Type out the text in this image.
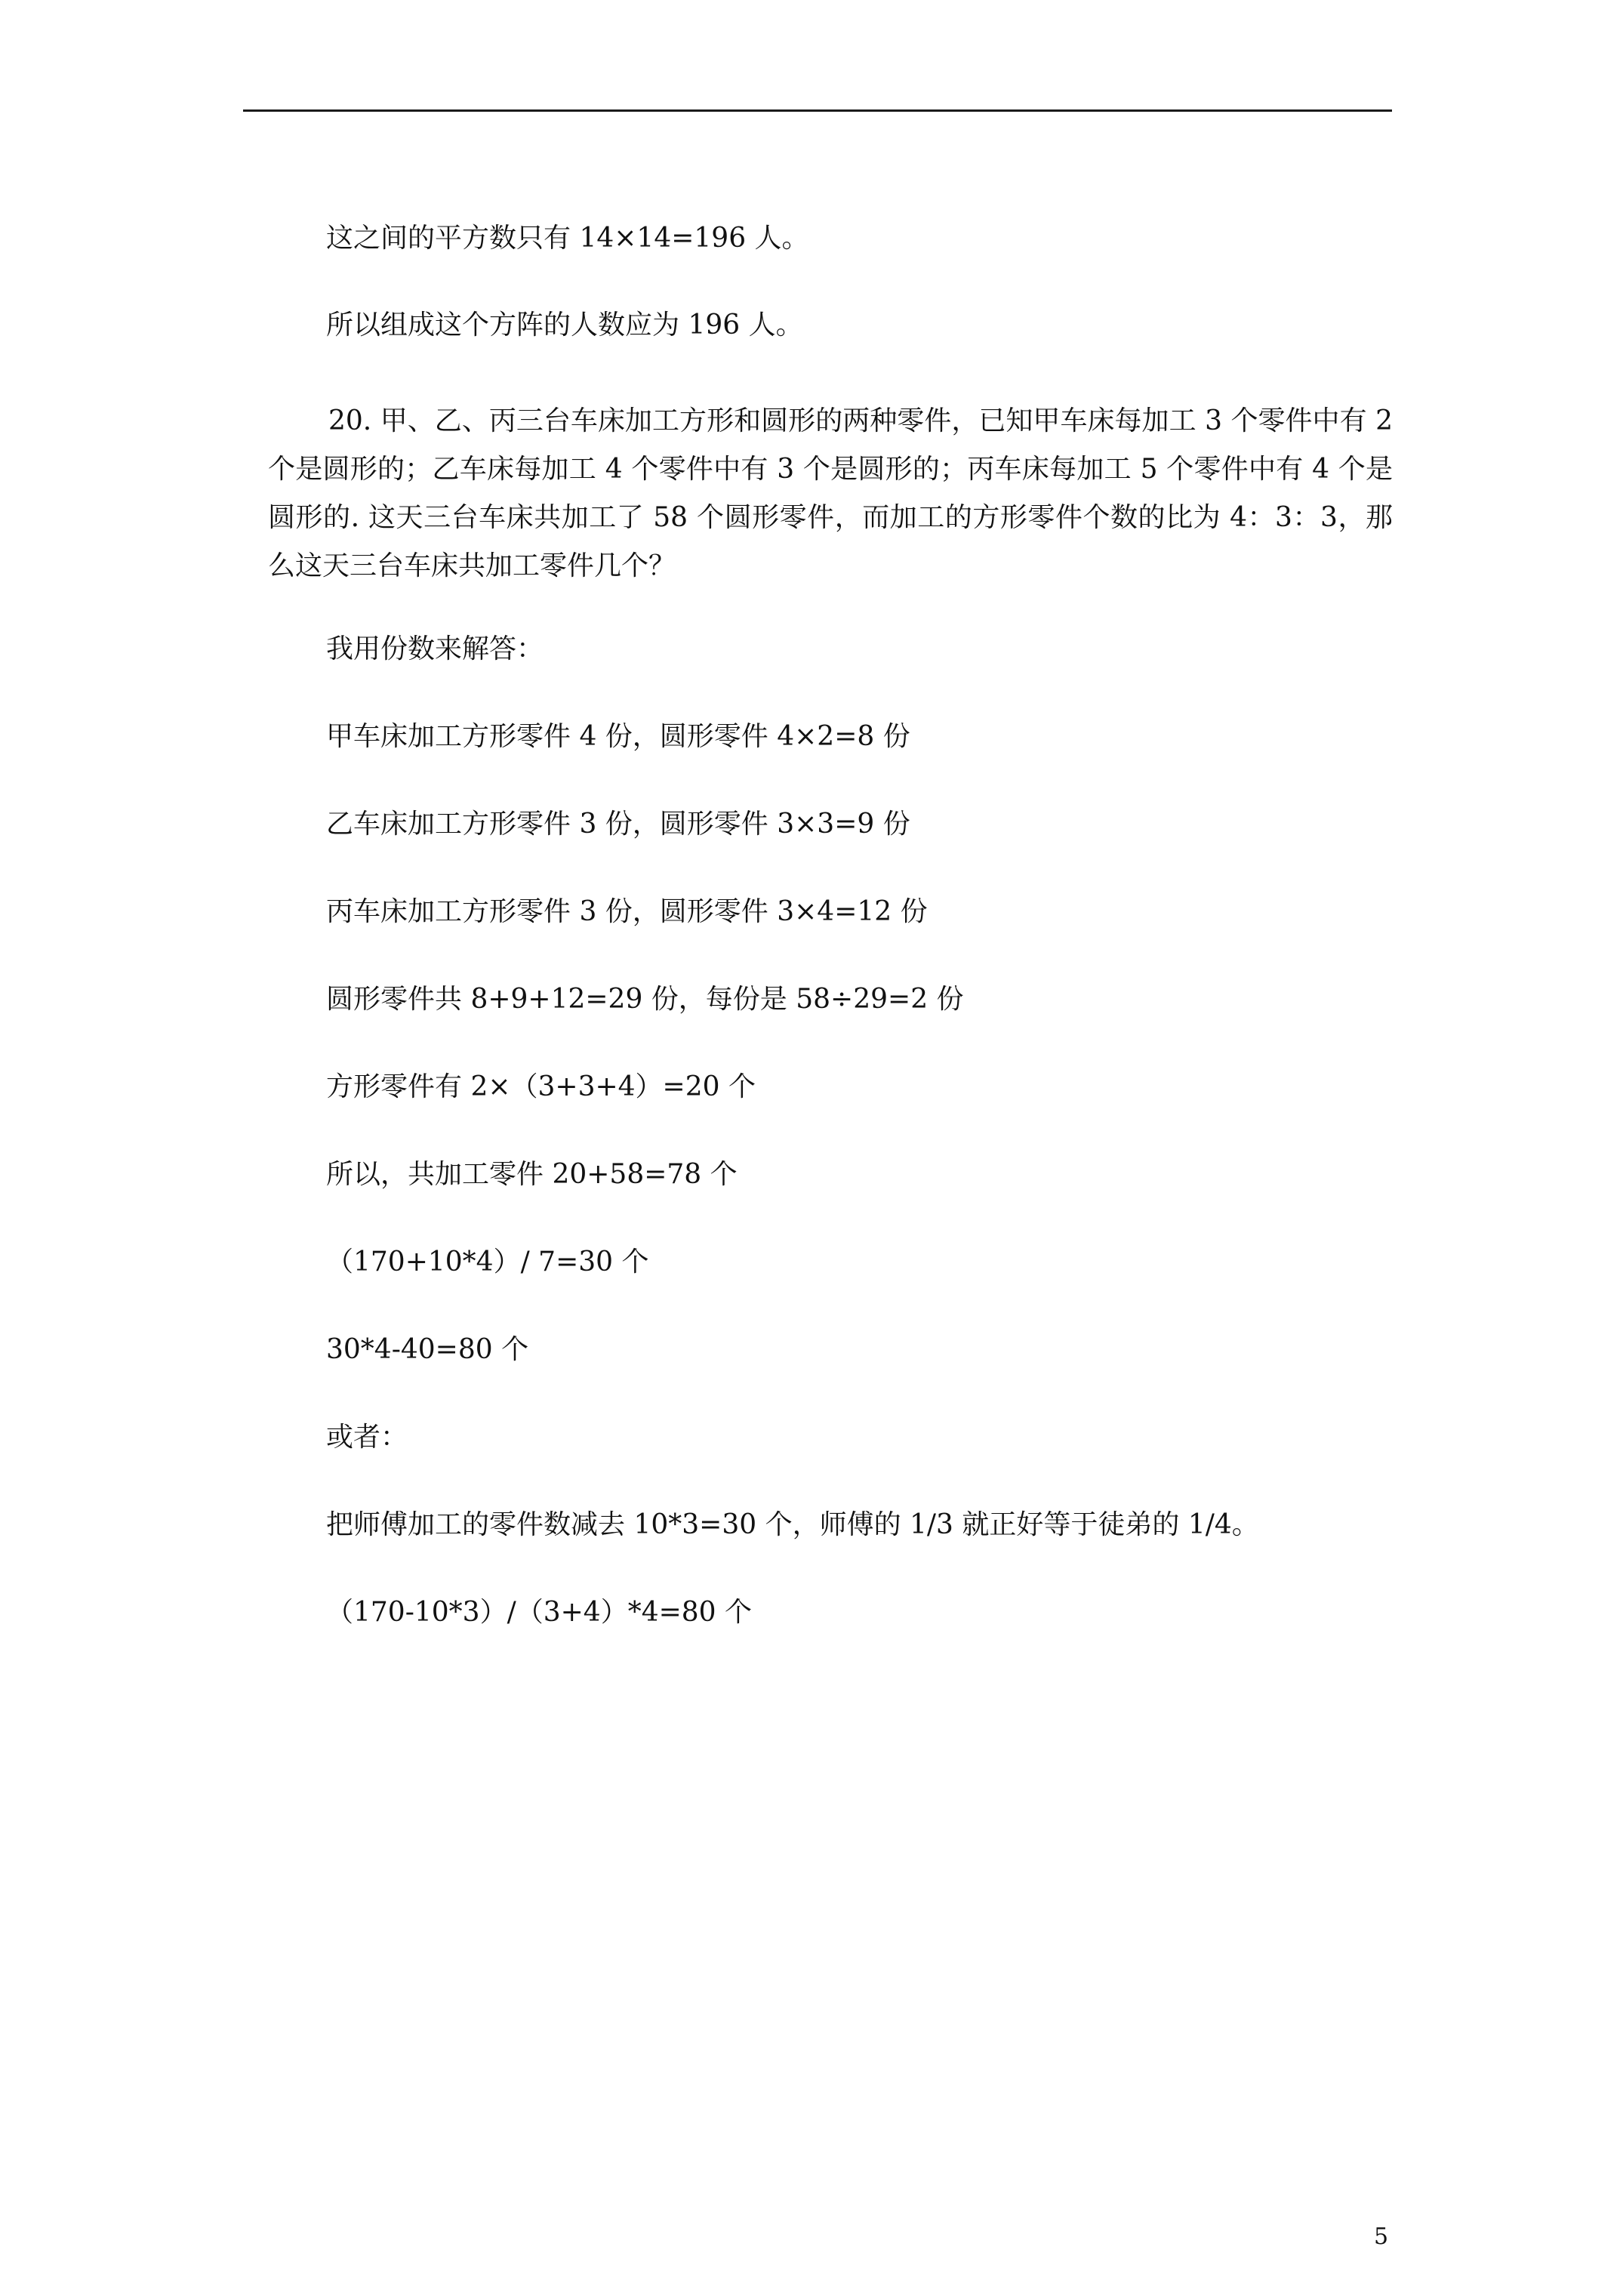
这之间的平方数只有 14×14=196 人。
所以组成这个方阵的人数应为 196 人。

20. 甲、乙、丙三台车床加工方形和圆形的两种零件，已知甲车床每加工 3 个零件中有 2 个是圆形的；乙车床每加工 4 个零件中有 3 个是圆形的；丙车床每加工 5 个零件中有 4 个是圆形的. 这天三台车床共加工了 58 个圆形零件，而加工的方形零件个数的比为 4：3：3，那么这天三台车床共加工零件几个？

我用份数来解答：
甲车床加工方形零件 4 份，圆形零件 4×2=8 份
乙车床加工方形零件 3 份，圆形零件 3×3=9 份
丙车床加工方形零件 3 份，圆形零件 3×4=12 份
圆形零件共 8+9+12=29 份，每份是 58÷29=2 份
方形零件有 2×（3+3+4）=20 个
所以，共加工零件 20+58=78 个
（170+10*4）/ 7=30 个
30*4-40=80 个
或者：
把师傅加工的零件数减去 10*3=30 个，师傅的 1/3 就正好等于徒弟的 1/4。
（170-10*3）/（3+4）*4=80 个
5
